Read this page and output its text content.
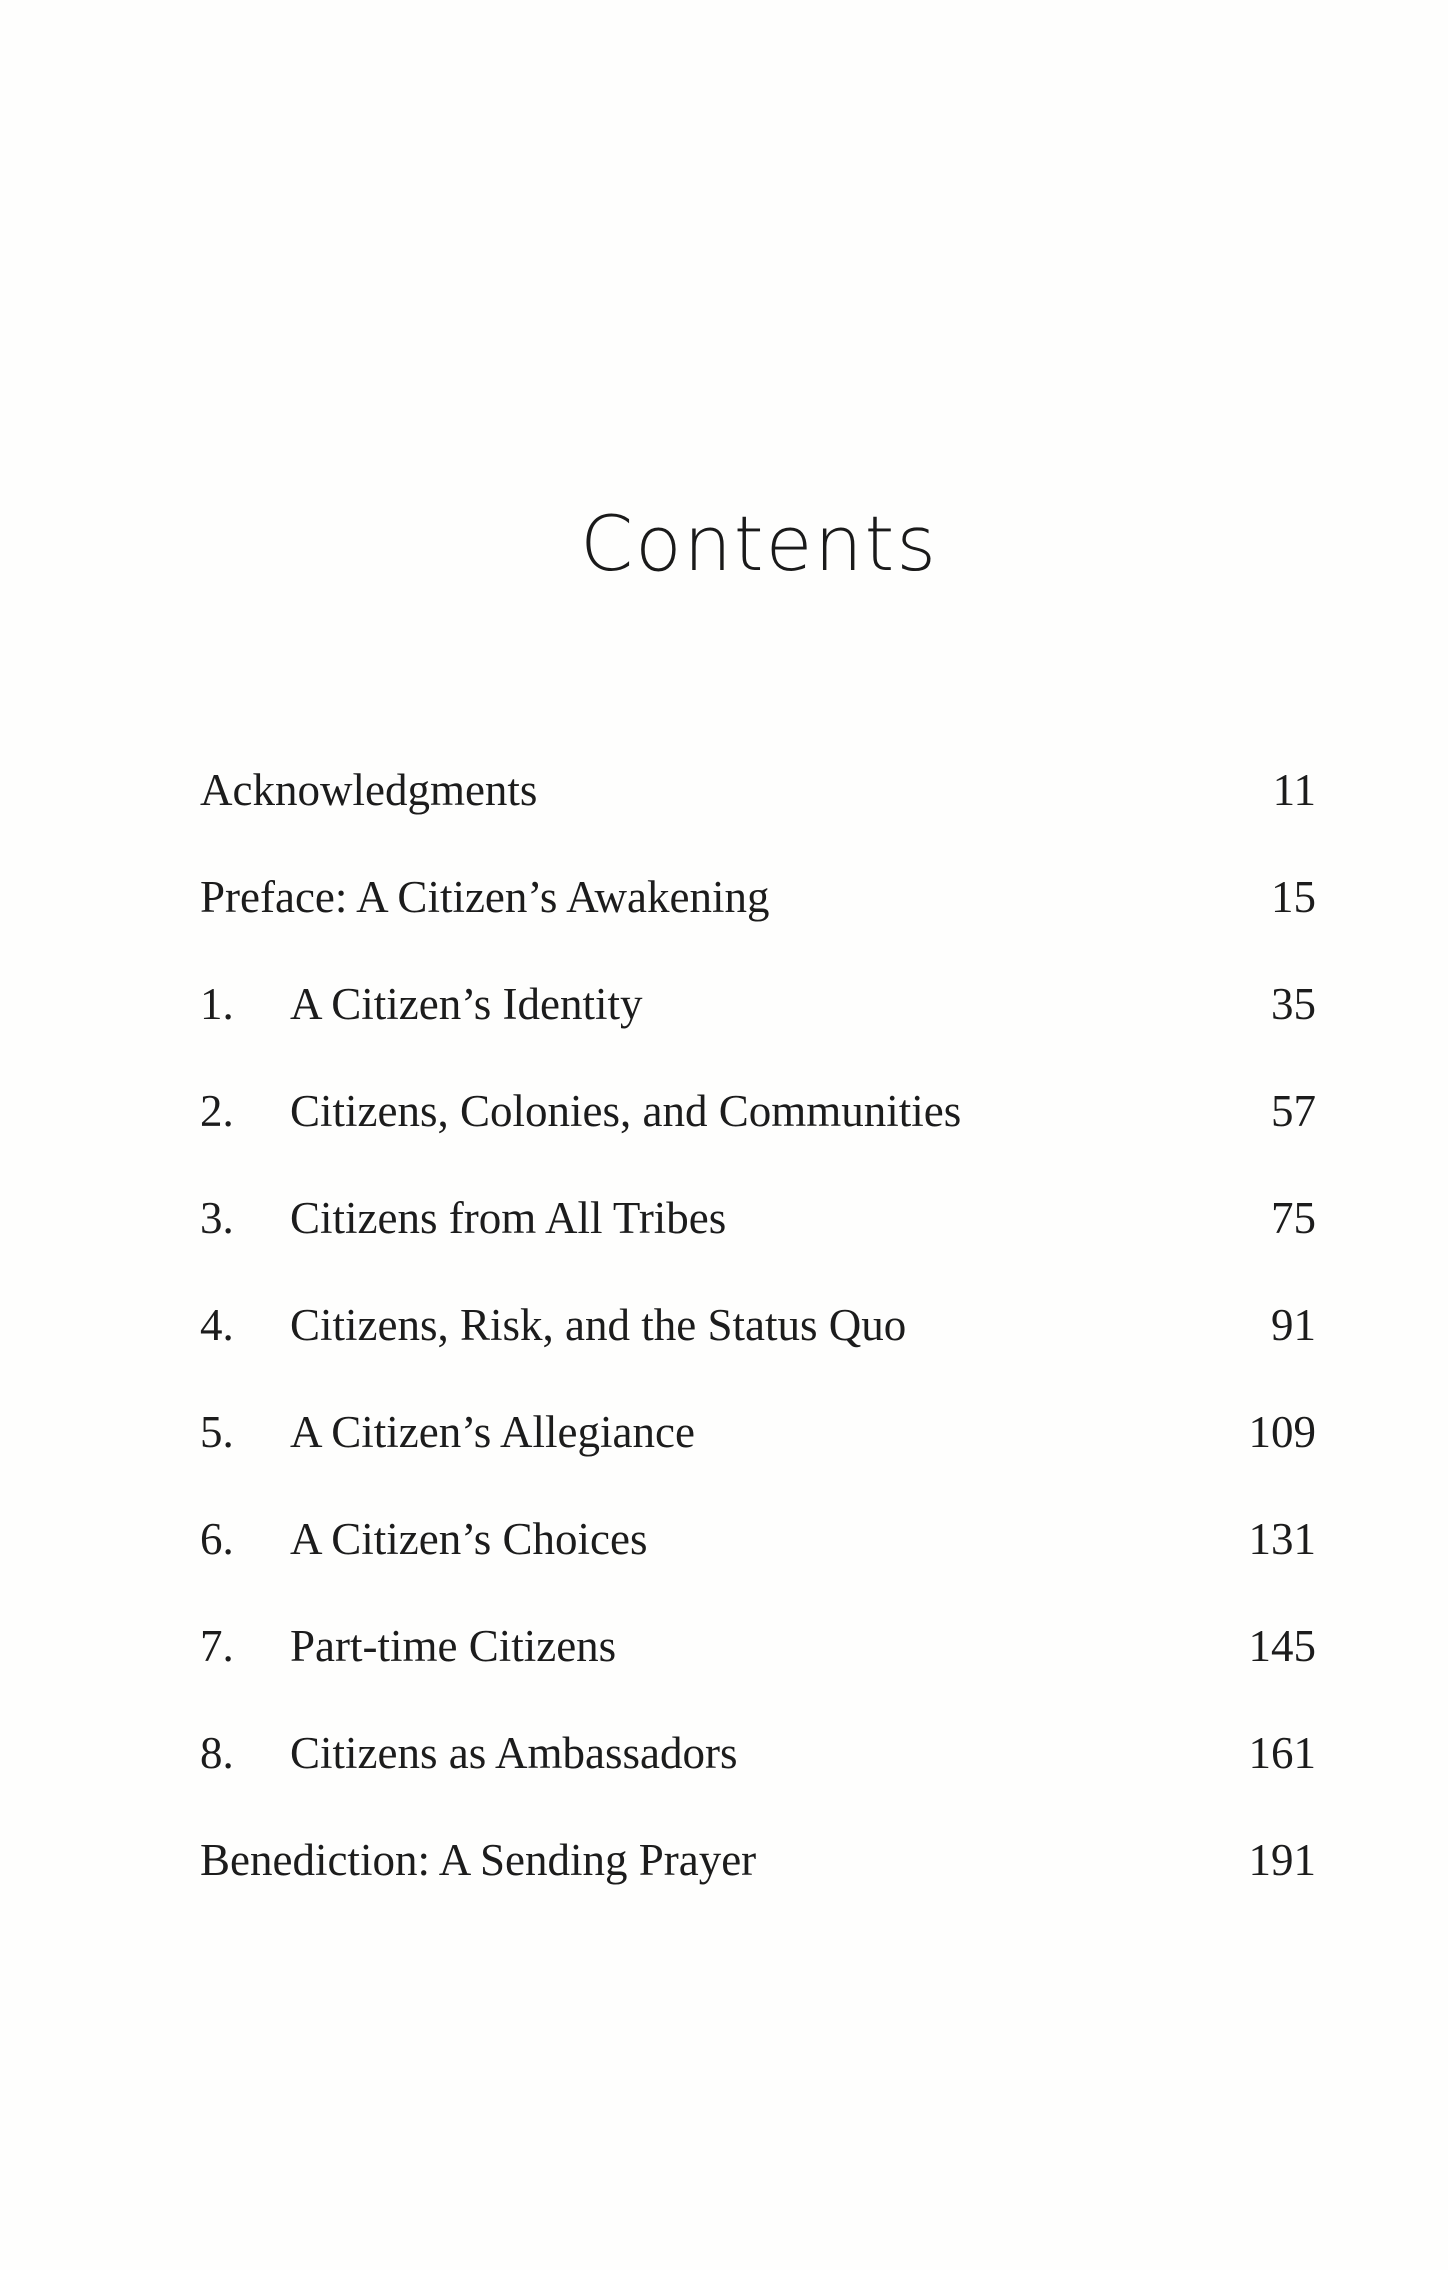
Contents
Acknowledgments	11
Preface: A Citizen’s Awakening	15
1. A Citizen’s Identity	35
2. Citizens, Colonies, and Communities	57
3. Citizens from All Tribes	75
4. Citizens, Risk, and the Status Quo	91
5. A Citizen’s Allegiance	109
6. A Citizen’s Choices	131
7. Part-time Citizens	145
8. Citizens as Ambassadors	161
Benediction: A Sending Prayer	191
